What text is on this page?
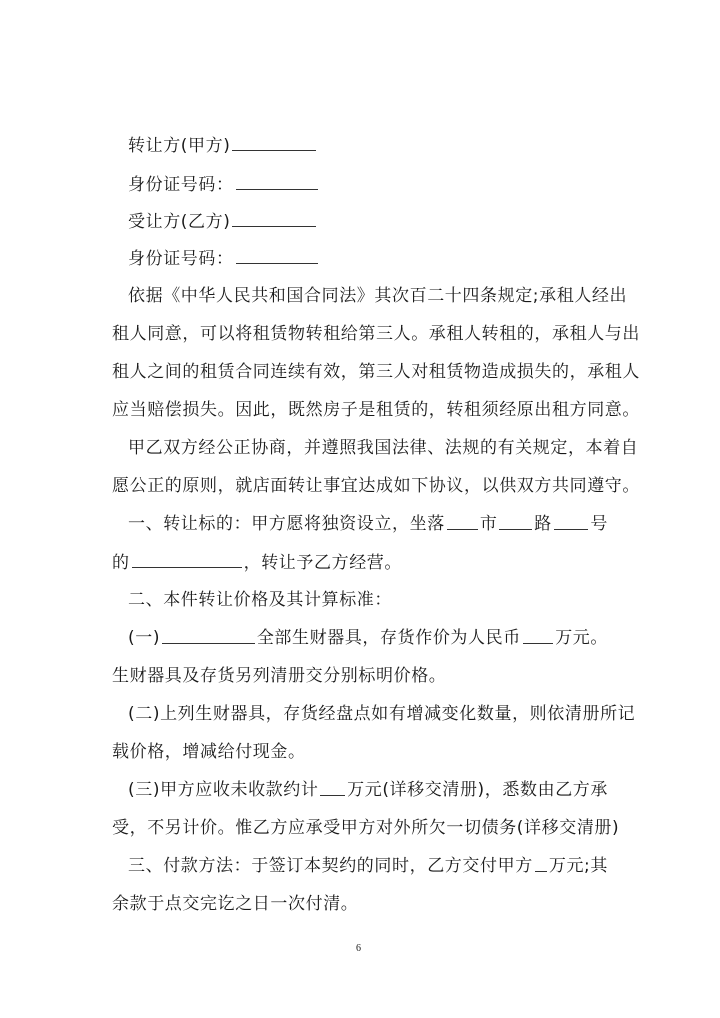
转让方(甲方)
身份证号码：
受让方(乙方)
身份证号码：
依据《中华人民共和国合同法》其次百二十四条规定;承租人经出
租人同意，可以将租赁物转租给第三人。承租人转租的，承租人与出
租人之间的租赁合同连续有效，第三人对租赁物造成损失的，承租人
应当赔偿损失。因此，既然房子是租赁的，转租须经原出租方同意。
甲乙双方经公正协商，并遵照我国法律、法规的有关规定，本着自
愿公正的原则，就店面转让事宜达成如下协议，以供双方共同遵守。
一、转让标的：甲方愿将独资设立，坐落 市 路 号
的	，转让予乙方经营。
二、本件转让价格及其计算标准：
(一)	全部生财器具，存货作价为人民币 万元。
生财器具及存货另列清册交分别标明价格。
(二)上列生财器具，存货经盘点如有增减变化数量，则依清册所记
载价格，增减给付现金。
(三)甲方应收未收款约计 万元(详移交清册)，悉数由乙方承
受，不另计价。惟乙方应承受甲方对外所欠一切债务(详移交清册)
三、付款方法：于签订本契约的同时，乙方交付甲方 万元;其
余款于点交完讫之日一次付清。
6
